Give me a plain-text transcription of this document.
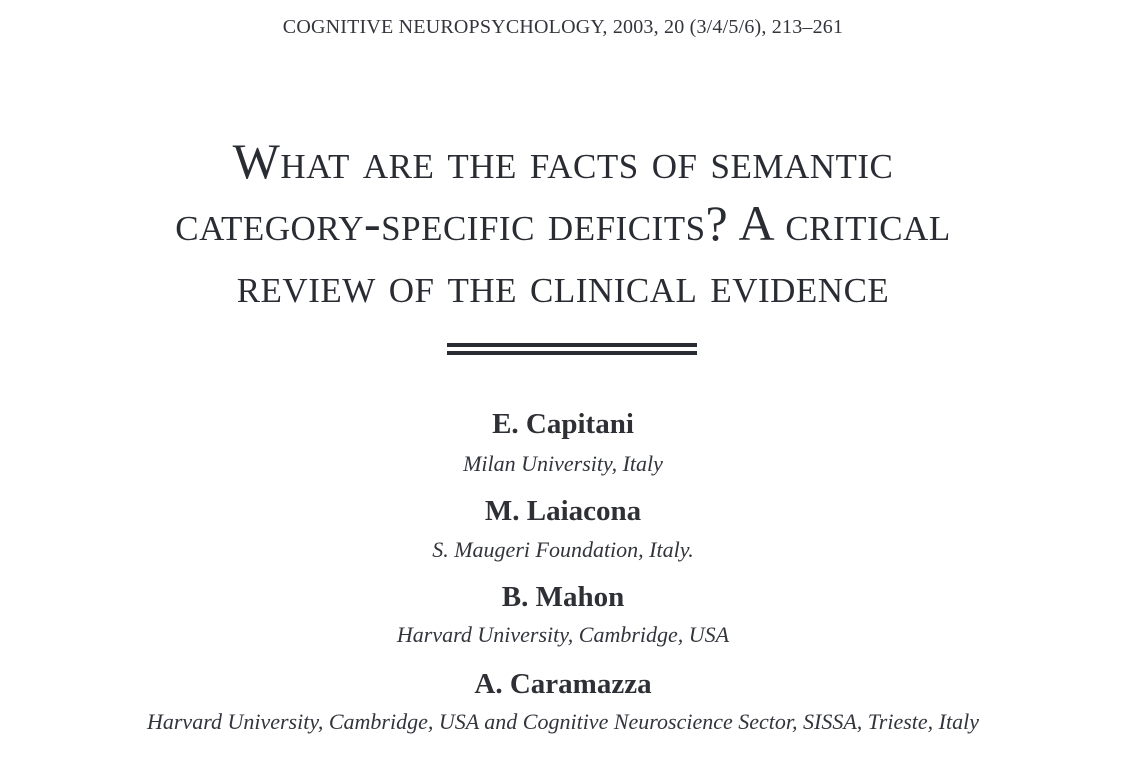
COGNITIVE NEUROPSYCHOLOGY, 2003, 20 (3/4/5/6), 213–261
What are the facts of semantic
category-specific deficits? A critical
review of the clinical evidence
E. Capitani
Milan University, Italy
M. Laiacona
S. Maugeri Foundation, Italy.
B. Mahon
Harvard University, Cambridge, USA
A. Caramazza
Harvard University, Cambridge, USA and Cognitive Neuroscience Sector, SISSA, Trieste, Italy
